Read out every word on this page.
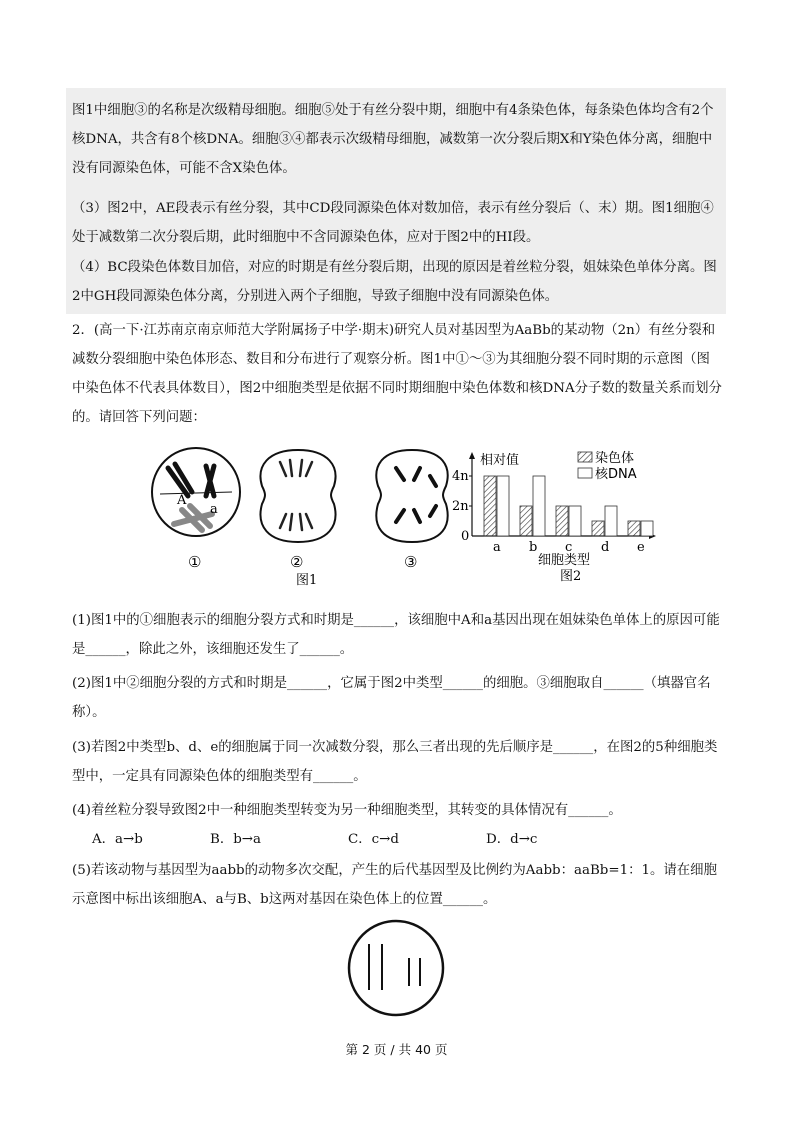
图1中细胞③的名称是次级精母细胞。细胞⑤处于有丝分裂中期，细胞中有4条染色体，每条染色体均含有2个核DNA，共含有8个核DNA。细胞③④都表示次级精母细胞，减数第一次分裂后期X和Y染色体分离，细胞中没有同源染色体，可能不含X染色体。

（3）图2中，AE段表示有丝分裂，其中CD段同源染色体对数加倍，表示有丝分裂后（、末）期。图1细胞④处于减数第二次分裂后期，此时细胞中不含同源染色体，应对于图2中的HI段。

（4）BC段染色体数目加倍，对应的时期是有丝分裂后期，出现的原因是着丝粒分裂，姐妹染色单体分离。图2中GH段同源染色体分离，分别进入两个子细胞，导致子细胞中没有同源染色体。

2．(高一下·江苏南京南京师范大学附属扬子中学·期末)研究人员对基因型为AaBb的某动物（2n）有丝分裂和减数分裂细胞中染色体形态、数目和分布进行了观察分析。图1中①～③为其细胞分裂不同时期的示意图（图中染色体不代表具体数目），图2中细胞类型是依据不同时期细胞中染色体数和核DNA分子数的数量关系而划分的。请回答下列问题：

A
a
①	②	③
图1
相对值
4n
2n
0
染色体
核DNA
a b c d e
细胞类型
图2

(1)图1中的①细胞表示的细胞分裂方式和时期是______，该细胞中A和a基因出现在姐妹染色单体上的原因可能是______，除此之外，该细胞还发生了______。

(2)图1中②细胞分裂的方式和时期是______，它属于图2中类型______的细胞。③细胞取自______（填器官名称）。

(3)若图2中类型b、d、e的细胞属于同一次减数分裂，那么三者出现的先后顺序是______，在图2的5种细胞类型中，一定具有同源染色体的细胞类型有______。

(4)着丝粒分裂导致图2中一种细胞类型转变为另一种细胞类型，其转变的具体情况有______。

A．a→b	B．b→a	C．c→d	D．d→c

(5)若该动物与基因型为aabb的动物多次交配，产生的后代基因型及比例约为Aabb：aaBb=1：1。请在细胞示意图中标出该细胞A、a与B、b这两对基因在染色体上的位置______。

第 2 页 / 共 40 页
